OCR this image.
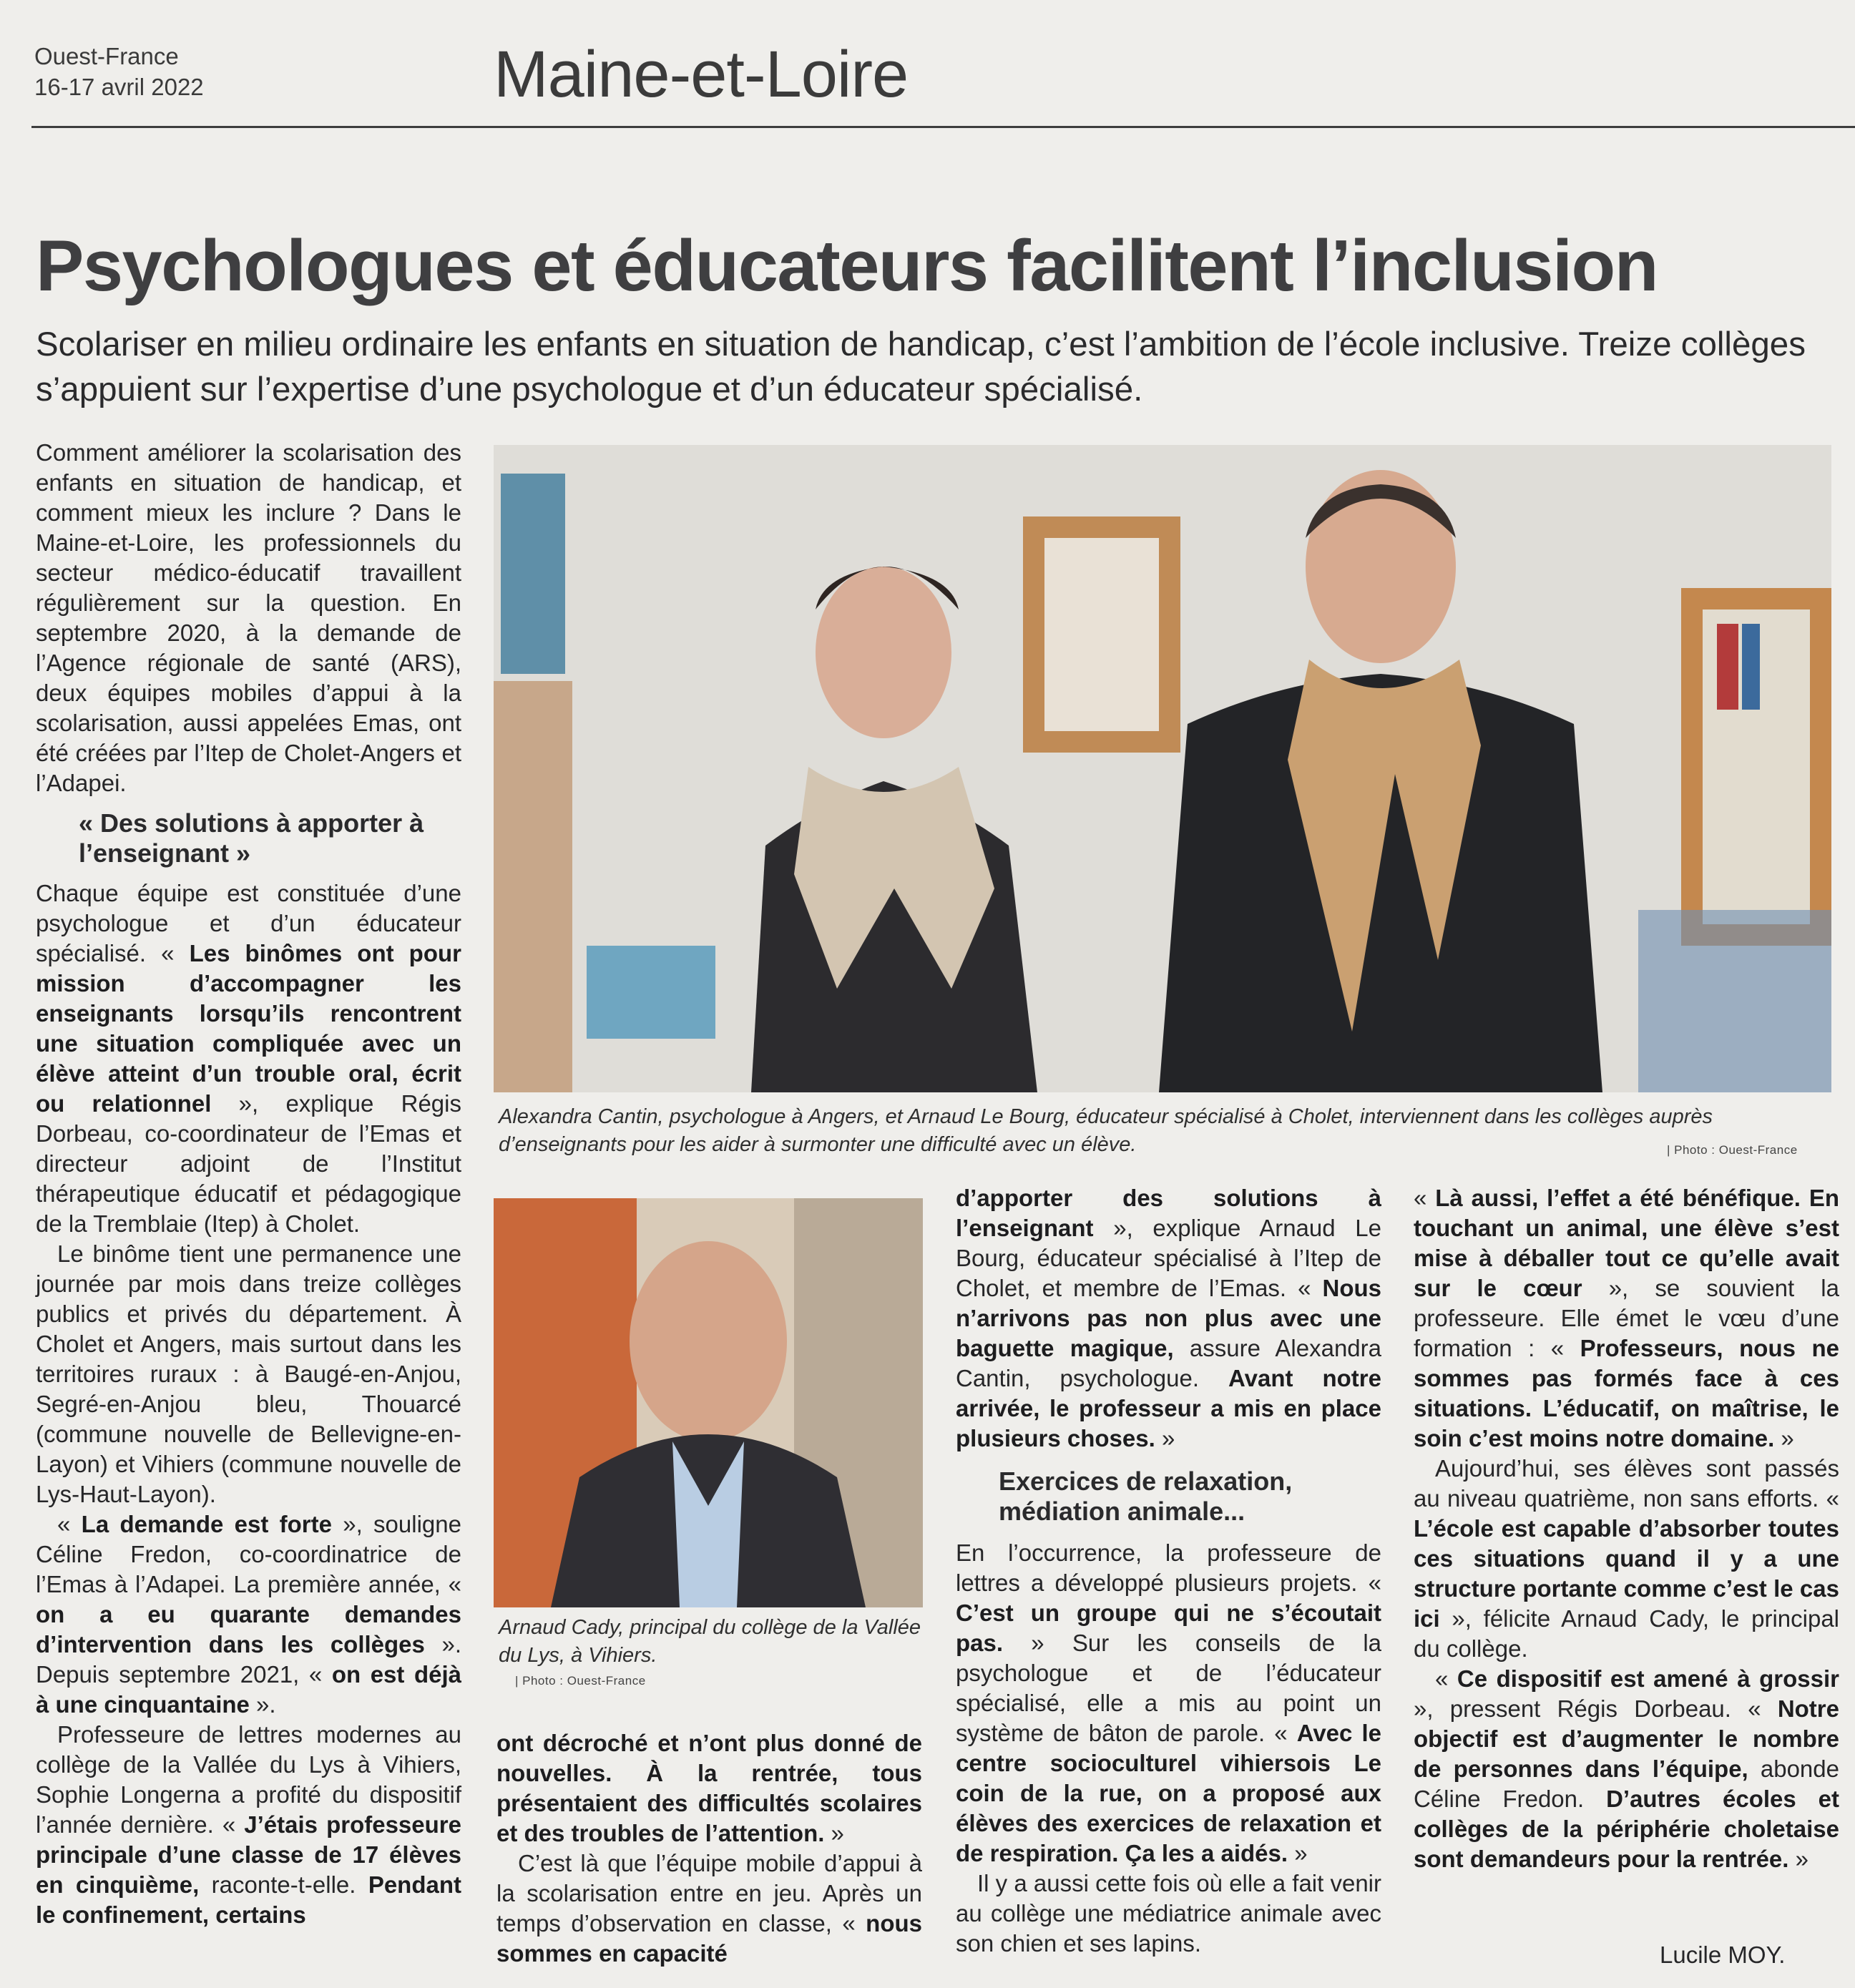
Ouest-France
16-17 avril 2022	Maine-et-Loire
Psychologues et éducateurs facilitent l’inclusion
Scolariser en milieu ordinaire les enfants en situation de handicap, c’est l’ambition de l’école inclusive. Treize collèges s’appuient sur l’expertise d’une psychologue et d’un éducateur spécialisé.
Alexandra Cantin, psychologue à Angers, et Arnaud Le Bourg, éducateur spécialisé à Cholet, interviennent dans les collèges auprès d’enseignants pour les aider à surmonter une difficulté avec un élève.	| Photo : Ouest-France
Arnaud Cady, principal du collège de la Vallée du Lys, à Vihiers.
| Photo : Ouest-France

Comment améliorer la scolarisation des enfants en situation de handicap, et comment mieux les inclure ? Dans le Maine-et-Loire, les professionnels du secteur médico-éducatif travaillent régulièrement sur la question. En septembre 2020, à la demande de l’Agence régionale de santé (ARS), deux équipes mobiles d’appui à la scolarisation, aussi appelées Emas, ont été créées par l’Itep de Cholet-Angers et l’Adapei.

« Des solutions à apporter à l’enseignant »

Chaque équipe est constituée d’une psychologue et d’un éducateur spécialisé. « Les binômes ont pour mission d’accompagner les enseignants lorsqu’ils rencontrent une situation compliquée avec un élève atteint d’un trouble oral, écrit ou relationnel », explique Régis Dorbeau, co-coordinateur de l’Emas et directeur adjoint de l’Institut thérapeutique éducatif et pédagogique de la Tremblaie (Itep) à Cholet.

Le binôme tient une permanence une journée par mois dans treize collèges publics et privés du département. À Cholet et Angers, mais surtout dans les territoires ruraux : à Baugé-en-Anjou, Segré-en-Anjou bleu, Thouarcé (commune nouvelle de Bellevigne-en-Layon) et Vihiers (commune nouvelle de Lys-Haut-Layon).

« La demande est forte », souligne Céline Fredon, co-coordinatrice de l’Emas à l’Adapei. La première année, « on a eu quarante demandes d’intervention dans les collèges ». Depuis septembre 2021, « on est déjà à une cinquantaine ».

Professeure de lettres modernes au collège de la Vallée du Lys à Vihiers, Sophie Longerna a profité du dispositif l’année dernière. « J’étais professeure principale d’une classe de 17 élèves en cinquième, raconte-t-elle. Pendant le confinement, certains

ont décroché et n’ont plus donné de nouvelles. À la rentrée, tous présentaient des difficultés scolaires et des troubles de l’attention. »

C’est là que l’équipe mobile d’appui à la scolarisation entre en jeu. Après un temps d’observation en classe, « nous sommes en capacité

d’apporter des solutions à l’enseignant », explique Arnaud Le Bourg, éducateur spécialisé à l’Itep de Cholet, et membre de l’Emas. « Nous n’arrivons pas non plus avec une baguette magique, assure Alexandra Cantin, psychologue. Avant notre arrivée, le professeur a mis en place plusieurs choses. »

Exercices de relaxation, médiation animale...

En l’occurrence, la professeure de lettres a développé plusieurs projets. « C’est un groupe qui ne s’écoutait pas. » Sur les conseils de la psychologue et de l’éducateur spécialisé, elle a mis au point un système de bâton de parole. « Avec le centre socioculturel vihiersois Le coin de la rue, on a proposé aux élèves des exercices de relaxation et de respiration. Ça les a aidés. »

Il y a aussi cette fois où elle a fait venir au collège une médiatrice animale avec son chien et ses lapins.

« Là aussi, l’effet a été bénéfique. En touchant un animal, une élève s’est mise à déballer tout ce qu’elle avait sur le cœur », se souvient la professeure. Elle émet le vœu d’une formation : « Professeurs, nous ne sommes pas formés face à ces situations. L’éducatif, on maîtrise, le soin c’est moins notre domaine. »

Aujourd’hui, ses élèves sont passés au niveau quatrième, non sans efforts. « L’école est capable d’absorber toutes ces situations quand il y a une structure portante comme c’est le cas ici », félicite Arnaud Cady, le principal du collège.

« Ce dispositif est amené à grossir », pressent Régis Dorbeau. « Notre objectif est d’augmenter le nombre de personnes dans l’équipe, abonde Céline Fredon. D’autres écoles et collèges de la périphérie choletaise sont demandeurs pour la rentrée. »

Lucile MOY.
